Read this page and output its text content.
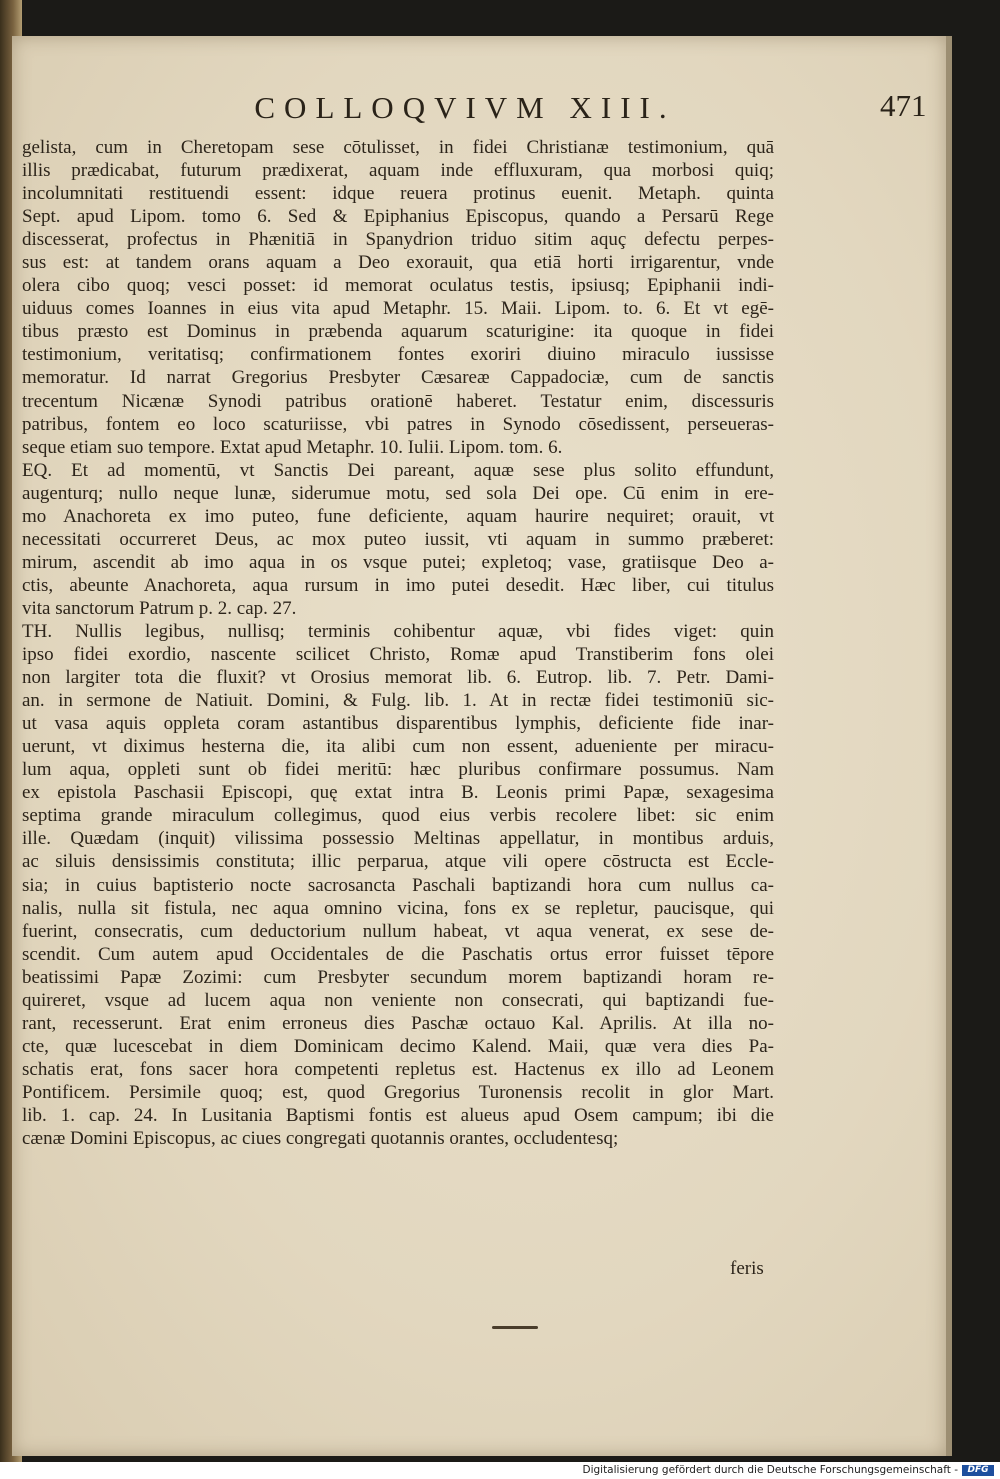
COLLOQVIVM XIII.	471
gelista, cum in Cheretopam sese cōtulisset, in fidei Christianæ testimonium, quā
illis prædicabat, futurum prædixerat, aquam inde effluxuram, qua morbosi quiq;
incolumnitati restituendi essent: idque reuera protinus euenit. Metaph. quinta
Sept. apud Lipom. tomo 6. Sed & Epiphanius Episcopus, quando a Persarū Rege
discesserat, profectus in Phænitiā in Spanydrion triduo sitim aquç defectu perpes-
sus est: at tandem orans aquam a Deo exorauit, qua etiā horti irrigarentur, vnde
olera cibo quoq; vesci posset: id memorat oculatus testis, ipsiusq; Epiphanii indi-
uiduus comes Ioannes in eius vita apud Metaphr. 15. Maii. Lipom. to. 6. Et vt egē-
tibus præsto est Dominus in præbenda aquarum scaturigine: ita quoque in fidei
testimonium, veritatisq; confirmationem fontes exoriri diuino miraculo iussisse
memoratur. Id narrat Gregorius Presbyter Cæsareæ Cappadociæ, cum de sanctis
trecentum Nicænæ Synodi patribus orationē haberet. Testatur enim, discessuris
patribus, fontem eo loco scaturiisse, vbi patres in Synodo cōsedissent, perseueras-
seque etiam suo tempore. Extat apud Metaphr. 10. Iulii. Lipom. tom. 6.
EQ. Et ad momentū, vt Sanctis Dei pareant, aquæ sese plus solito effundunt,
augenturq; nullo neque lunæ, siderumue motu, sed sola Dei ope. Cū enim in ere-
mo Anachoreta ex imo puteo, fune deficiente, aquam haurire nequiret; orauit, vt
necessitati occurreret Deus, ac mox puteo iussit, vti aquam in summo præberet:
mirum, ascendit ab imo aqua in os vsque putei; expletoq; vase, gratiisque Deo a-
ctis, abeunte Anachoreta, aqua rursum in imo putei desedit. Hæc liber, cui titulus
vita sanctorum Patrum p. 2. cap. 27.
TH. Nullis legibus, nullisq; terminis cohibentur aquæ, vbi fides viget: quin
ipso fidei exordio, nascente scilicet Christo, Romæ apud Transtiberim fons olei
non largiter tota die fluxit? vt Orosius memorat lib. 6. Eutrop. lib. 7. Petr. Dami-
an. in sermone de Natiuit. Domini, & Fulg. lib. 1. At in rectæ fidei testimoniū sic-
ut vasa aquis oppleta coram astantibus disparentibus lymphis, deficiente fide inar-
uerunt, vt diximus hesterna die, ita alibi cum non essent, adueniente per miracu-
lum aqua, oppleti sunt ob fidei meritū: hæc pluribus confirmare possumus. Nam
ex epistola Paschasii Episcopi, quę extat intra B. Leonis primi Papæ, sexagesima
septima grande miraculum collegimus, quod eius verbis recolere libet: sic enim
ille. Quædam (inquit) vilissima possessio Meltinas appellatur, in montibus arduis,
ac siluis densissimis constituta; illic perparua, atque vili opere cōstructa est Eccle-
sia; in cuius baptisterio nocte sacrosancta Paschali baptizandi hora cum nullus ca-
nalis, nulla sit fistula, nec aqua omnino vicina, fons ex se repletur, paucisque, qui
fuerint, consecratis, cum deductorium nullum habeat, vt aqua venerat, ex sese de-
scendit. Cum autem apud Occidentales de die Paschatis ortus error fuisset tēpore
beatissimi Papæ Zozimi: cum Presbyter secundum morem baptizandi horam re-
quireret, vsque ad lucem aqua non veniente non consecrati, qui baptizandi fue-
rant, recesserunt. Erat enim erroneus dies Paschæ octauo Kal. Aprilis. At illa no-
cte, quæ lucescebat in diem Dominicam decimo Kalend. Maii, quæ vera dies Pa-
schatis erat, fons sacer hora competenti repletus est. Hactenus ex illo ad Leonem
Pontificem. Persimile quoq; est, quod Gregorius Turonensis recolit in glor Mart.
lib. 1. cap. 24. In Lusitania Baptismi fontis est alueus apud Osem campum; ibi die
cænæ Domini Episcopus, ac ciues congregati quotannis orantes, occludentesq;
feris
Digitalisierung gefördert durch die Deutsche Forschungsgemeinschaft -	DFG
